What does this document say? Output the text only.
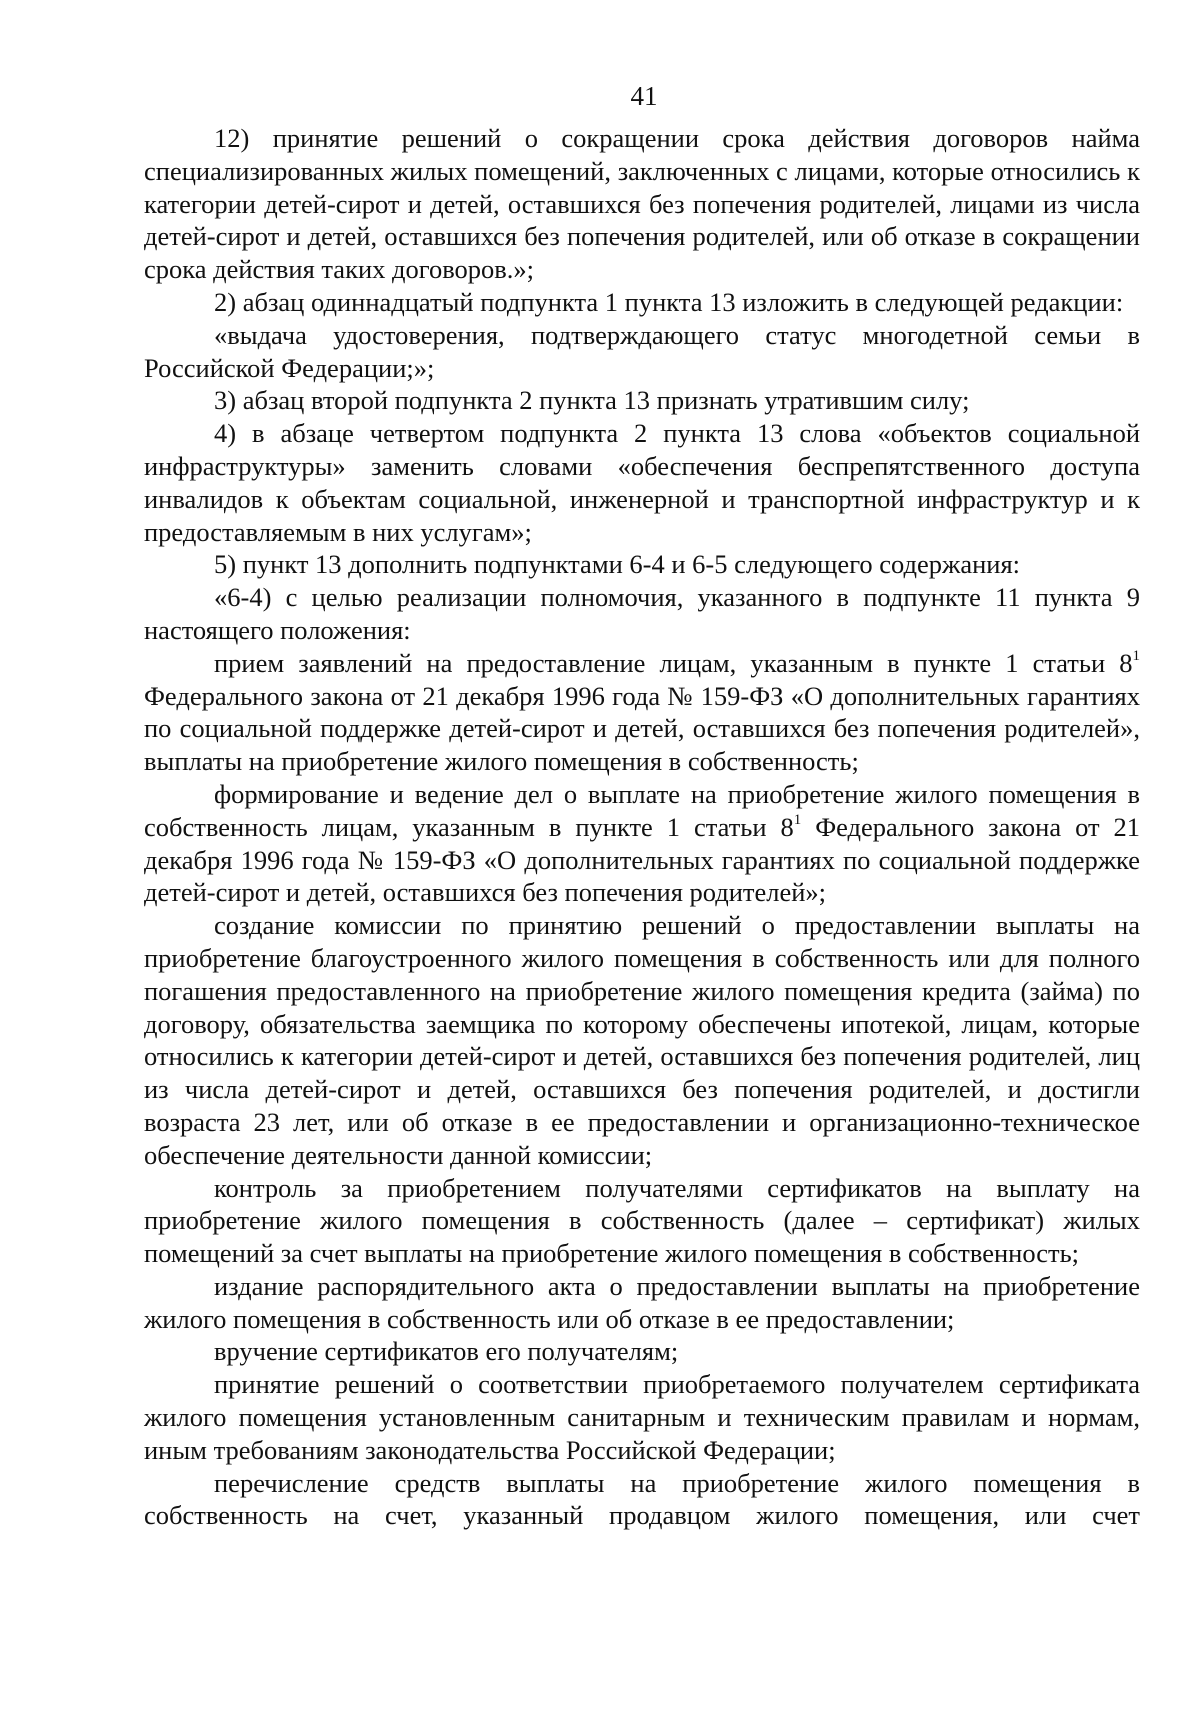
41

12) принятие решений о сокращении срока действия договоров найма специализированных жилых помещений, заключенных с лицами, которые относились к категории детей-сирот и детей, оставшихся без попечения родителей, лицами из числа детей-сирот и детей, оставшихся без попечения родителей, или об отказе в сокращении срока действия таких договоров.»;

2) абзац одиннадцатый подпункта 1 пункта 13 изложить в следующей редакции:

«выдача удостоверения, подтверждающего статус многодетной семьи в Российской Федерации;»;

3) абзац второй подпункта 2 пункта 13 признать утратившим силу;

4) в абзаце четвертом подпункта 2 пункта 13 слова «объектов социальной инфраструктуры» заменить словами «обеспечения беспрепятственного доступа инвалидов к объектам социальной, инженерной и транспортной инфраструктур и к предоставляемым в них услугам»;

5) пункт 13 дополнить подпунктами 6-4 и 6-5 следующего содержания:

«6-4) с целью реализации полномочия, указанного в подпункте 11 пункта 9 настоящего положения:

прием заявлений на предоставление лицам, указанным в пункте 1 статьи $8^1$ Федерального закона от 21 декабря 1996 года № 159-ФЗ «О дополнительных гарантиях по социальной поддержке детей-сирот и детей, оставшихся без попечения родителей», выплаты на приобретение жилого помещения в собственность;

формирование и ведение дел о выплате на приобретение жилого помещения в собственность лицам, указанным в пункте 1 статьи $8^1$ Федерального закона от 21 декабря 1996 года № 159-ФЗ «О дополнительных гарантиях по социальной поддержке детей-сирот и детей, оставшихся без попечения родителей»;

создание комиссии по принятию решений о предоставлении выплаты на приобретение благоустроенного жилого помещения в собственность или для полного погашения предоставленного на приобретение жилого помещения кредита (займа) по договору, обязательства заемщика по которому обеспечены ипотекой, лицам, которые относились к категории детей-сирот и детей, оставшихся без попечения родителей, лиц из числа детей-сирот и детей, оставшихся без попечения родителей, и достигли возраста 23 лет, или об отказе в ее предоставлении и организационно-техническое обеспечение деятельности данной комиссии;

контроль за приобретением получателями сертификатов на выплату на приобретение жилого помещения в собственность (далее – сертификат) жилых помещений за счет выплаты на приобретение жилого помещения в собственность;

издание распорядительного акта о предоставлении выплаты на приобретение жилого помещения в собственность или об отказе в ее предоставлении;

вручение сертификатов его получателям;

принятие решений о соответствии приобретаемого получателем сертификата жилого помещения установленным санитарным и техническим правилам и нормам, иным требованиям законодательства Российской Федерации;

перечисление средств выплаты на приобретение жилого помещения в собственность на счет, указанный продавцом жилого помещения, или счет
